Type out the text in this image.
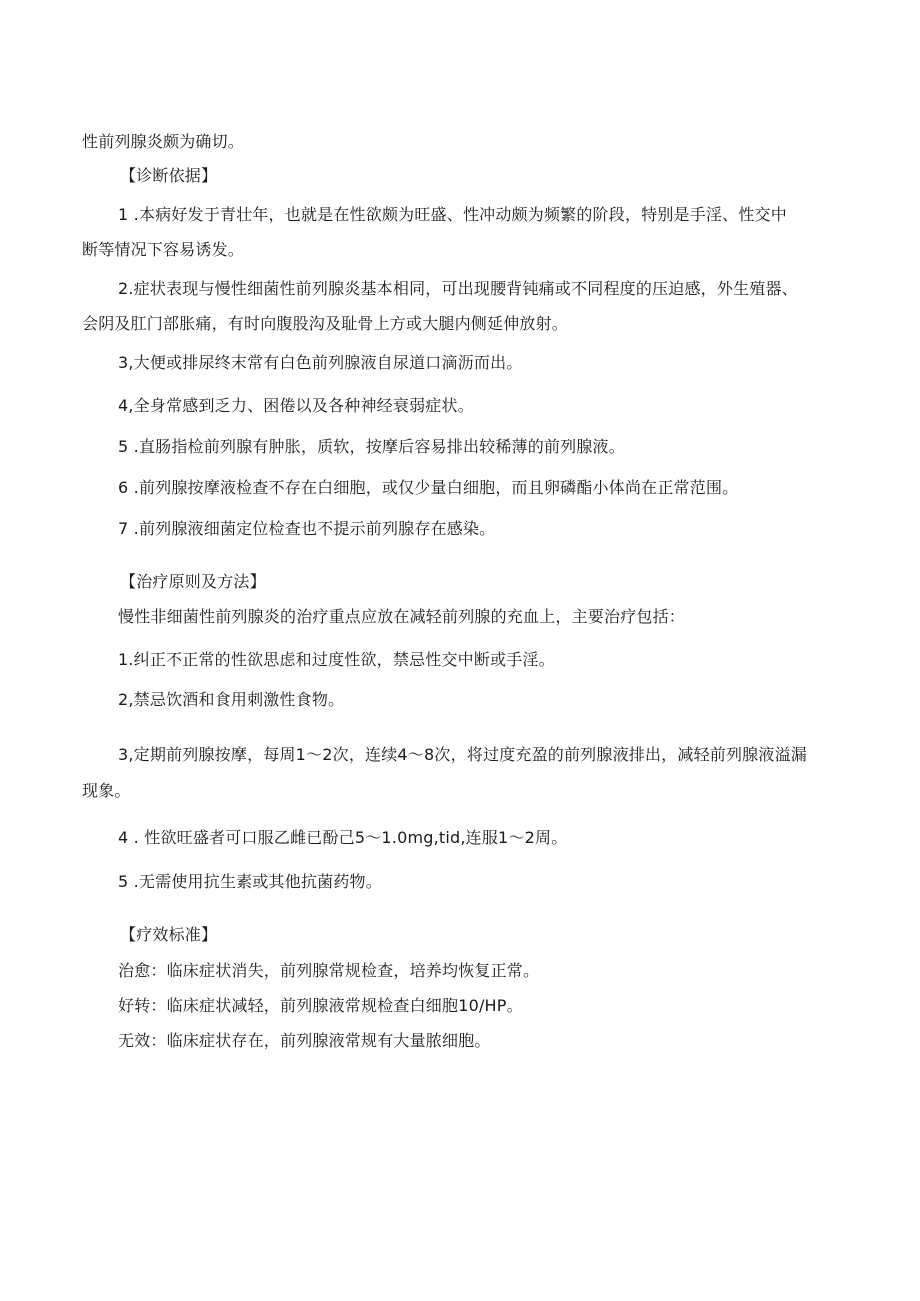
性前列腺炎颇为确切。
【诊断依据】
1 .本病好发于青壮年，也就是在性欲颇为旺盛、性冲动颇为频繁的阶段，特别是手淫、性交中
断等情况下容易诱发。
2.症状表现与慢性细菌性前列腺炎基本相同，可出现腰背钝痛或不同程度的压迫感，外生殖器、
会阴及肛门部胀痛，有时向腹股沟及耻骨上方或大腿内侧延伸放射。
3,大便或排尿终末常有白色前列腺液自尿道口滴沥而出。
4,全身常感到乏力、困倦以及各种神经衰弱症状。
5 .直肠指检前列腺有肿胀，质软，按摩后容易排出较稀薄的前列腺液。
6 .前列腺按摩液检查不存在白细胞，或仅少量白细胞，而且卵磷酯小体尚在正常范围。
7 .前列腺液细菌定位检查也不提示前列腺存在感染。
【治疗原则及方法】
慢性非细菌性前列腺炎的治疗重点应放在减轻前列腺的充血上，主要治疗包括：
1.纠正不正常的性欲思虑和过度性欲，禁忌性交中断或手淫。
2,禁忌饮酒和食用刺激性食物。
3,定期前列腺按摩，每周1～2次，连续4～8次，将过度充盈的前列腺液排出，减轻前列腺液溢漏
现象。
4 . 性欲旺盛者可口服乙雌已酚己5～1.0mg,tid,连服1～2周。
5 .无需使用抗生素或其他抗菌药物。
【疗效标准】
治愈：临床症状消失，前列腺常规检查，培养均恢复正常。
好转：临床症状减轻，前列腺液常规检查白细胞10/HP。
无效：临床症状存在，前列腺液常规有大量脓细胞。
